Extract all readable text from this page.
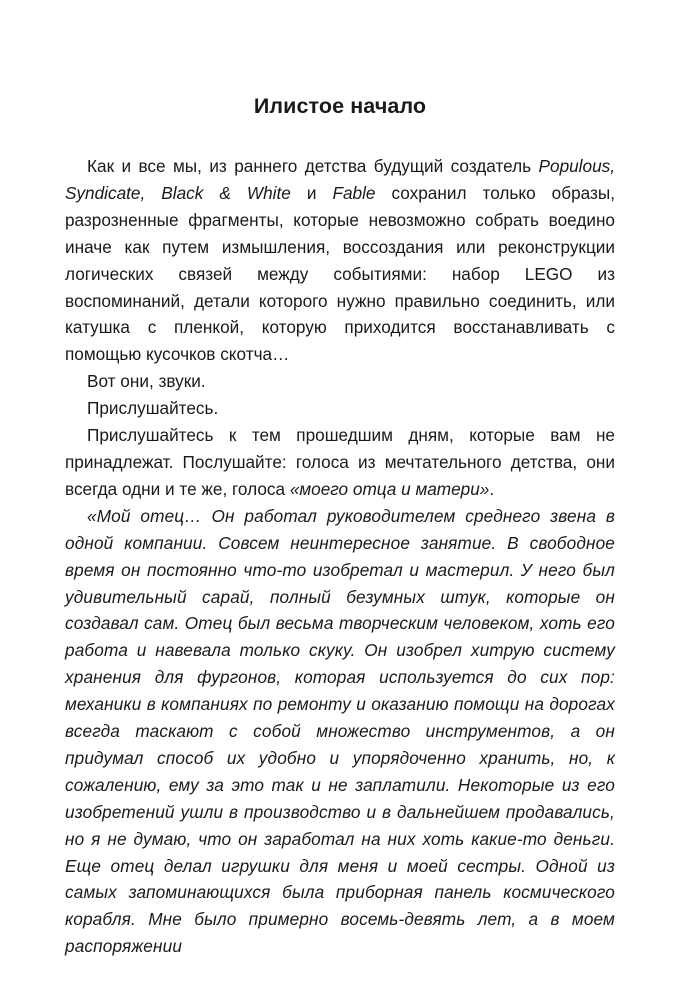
Илистое начало

Как и все мы, из раннего детства будущий создатель Populous, Syndicate, Black & White и Fable сохранил только образы, разрозненные фрагменты, которые невозможно собрать воедино иначе как путем измышления, воссоздания или реконструкции логических связей между событиями: набор LEGO из воспоминаний, детали которого нужно правильно соединить, или катушка с пленкой, которую приходится восстанавливать с помощью кусочков скотча…

Вот они, звуки.

Прислушайтесь.

Прислушайтесь к тем прошедшим дням, которые вам не принадлежат. Послушайте: голоса из мечтательного детства, они всегда одни и те же, голоса «моего отца и матери».

«Мой отец… Он работал руководителем среднего звена в одной компании. Совсем неинтересное занятие. В свободное время он постоянно что-то изобретал и мастерил. У него был удивительный сарай, полный безумных штук, которые он создавал сам. Отец был весьма творческим человеком, хоть его работа и навевала только скуку. Он изобрел хитрую систему хранения для фургонов, которая используется до сих пор: механики в компаниях по ремонту и оказанию помощи на дорогах всегда таскают с собой множество инструментов, а он придумал способ их удобно и упорядоченно хранить, но, к сожалению, ему за это так и не заплатили. Некоторые из его изобретений ушли в производство и в дальнейшем продавались, но я не думаю, что он заработал на них хоть какие-то деньги. Еще отец делал игрушки для меня и моей сестры. Одной из самых запоминающихся была приборная панель космического корабля. Мне было примерно восемь-девять лет, а в моем распоряжении
